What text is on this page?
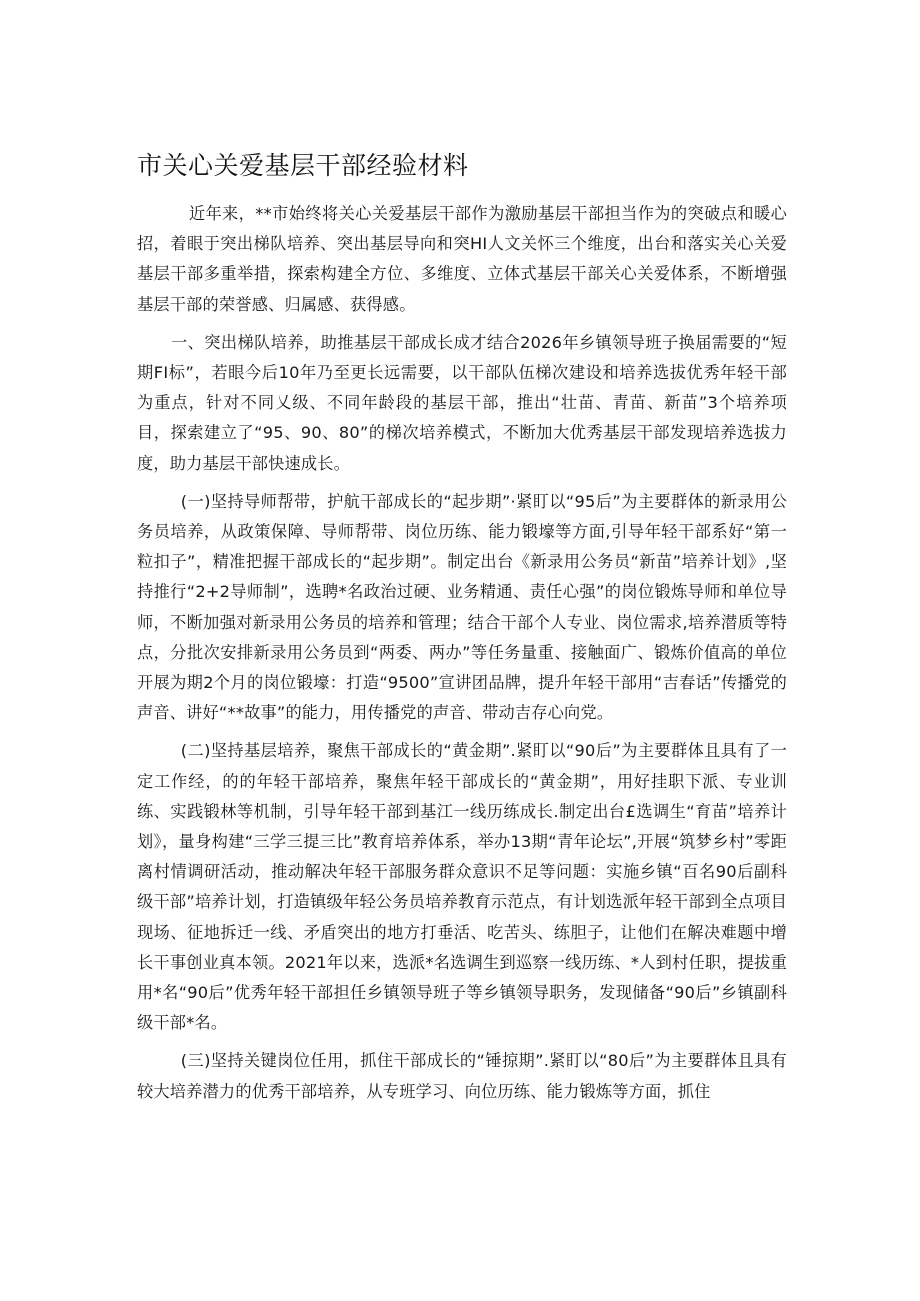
市关心关爱基层干部经验材料

近年来，**市始终将关心关爱基层干部作为激励基层干部担当作为的突破点和暖心招，着眼于突出梯队培养、突出基层导向和突HI人文关怀三个维度，出台和落实关心关爱基层干部多重举措，探索构建全方位、多维度、立体式基层干部关心关爱体系，不断增强基层干部的荣誉感、归属感、获得感。

一、突出梯队培养，助推基层干部成长成才结合2026年乡镇领导班子换届需要的“短期FI标”，若眼今后10年乃至更长远需要，以干部队伍梯次建设和培养选拔优秀年轻干部为重点，针对不同乂级、不同年龄段的基层干部，推出“壮苗、青苗、新苗”3个培养项目，探索建立了“95、90、80”的梯次培养模式，不断加大优秀基层干部发现培养选拔力度，助力基层干部快速成长。

(一)坚持导师帮带，护航干部成长的“起步期”·紧盯以“95后”为主要群体的新录用公务员培养，从政策保障、导师帮带、岗位历练、能力锻壕等方面,引导年轻干部系好“第一粒扣子”，精准把握干部成长的“起步期”。制定出台《新录用公务员“新苗”培养计划》,坚持推行“2+2导师制”，选聘*名政治过硬、业务精通、责任心强”的岗位锻炼导师和单位导师，不断加强对新录用公务员的培养和管理；结合干部个人专业、岗位需求,培养潜质等特点，分批次安排新录用公务员到“两委、两办”等任务量重、接触面广、锻炼价值高的单位开展为期2个月的岗位锻壕：打造“9500”宣讲团品牌，提升年轻干部用“吉春话”传播党的声音、讲好“**故事”的能力，用传播党的声音、带动吉存心向党。

(二)坚持基层培养，聚焦干部成长的“黄金期”.紧盯以“90后”为主要群体且具有了一定工作经，的的年轻干部培养，聚焦年轻干部成长的“黄金期”，用好挂职下派、专业训练、实践锻林等机制，引导年轻干部到基江一线历练成长.制定出台£选调生“育苗”培养计划》，量身构建“三学三提三比”教育培养体系，举办13期“青年论坛”,开展“筑梦乡村”零距离村情调研活动，推动解决年轻干部服务群众意识不足等问题：实施乡镇“百名90后副科级干部”培养计划，打造镇级年轻公务员培养教育示范点，有计划选派年轻干部到全点项目现场、征地拆迁一线、矛盾突出的地方打垂活、吃苦头、练胆子，让他们在解决难题中增长干事创业真本领。2021年以来，选派*名选调生到巡察一线历练、*人到村任职，提拔重用*名“90后”优秀年轻干部担任乡镇领导班子等乡镇领导职务，发现储备“90后”乡镇副科级干部*名。

(三)坚持关键岗位任用，抓住干部成长的“锤掠期”.紧盯以“80后”为主要群体且具有较大培养潜力的优秀干部培养，从专班学习、向位历练、能力锻炼等方面，抓住
